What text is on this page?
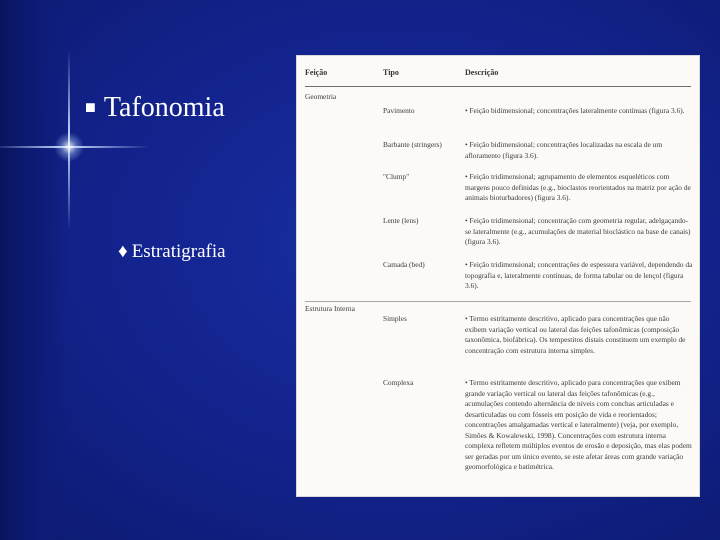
■ Tafonomia
♦ Estratigrafia
Feição	Tipo	Descrição
Geometria
Pavimento	• Feição bidimensional; concentrações lateralmente contínuas (figura 3.6).
Barbante (stringers)	• Feição bidimensional; concentrações localizadas na escala de um afloramento (figura 3.6).
"Clump"	• Feição tridimensional; agrupamento de elementos esqueléticos com margens pouco definidas (e.g., bioclastos reorientados na matriz por ação de animais bioturbadores) (figura 3.6).
Lente (lens)	• Feição tridimensional; concentração com geometria regular, adelgaçando-se lateralmente (e.g., acumulações de material bioclástico na base de canais) (figura 3.6).
Camada (bed)	• Feição tridimensional; concentrações de espessura variável, dependendo da topografia e, lateralmente contínuas, de forma tabular ou de lençol (figura 3.6).
Estrutura Interna
Simples	• Termo estritamente descritivo, aplicado para concentrações que não exibem variação vertical ou lateral das feições tafonômicas (composição taxonômica, biofábrica). Os tempestitos distais constituem um exemplo de concentração com estrutura interna simples.
Complexa	• Termo estritamente descritivo, aplicado para concentrações que exibem grande variação vertical ou lateral das feições tafonômicas (e.g., acumulações contendo alternância de níveis com conchas articuladas e desarticuladas ou com fósseis em posição de vida e reorientados; concentrações amalgamadas vertical e lateralmente) (veja, por exemplo, Simões & Kowalewski, 1998). Concentrações com estrutura interna complexa refletem múltiplos eventos de erosão e deposição, mas elas podem ser geradas por um único evento, se este afetar áreas com grande variação geomorfológica e batimétrica.
